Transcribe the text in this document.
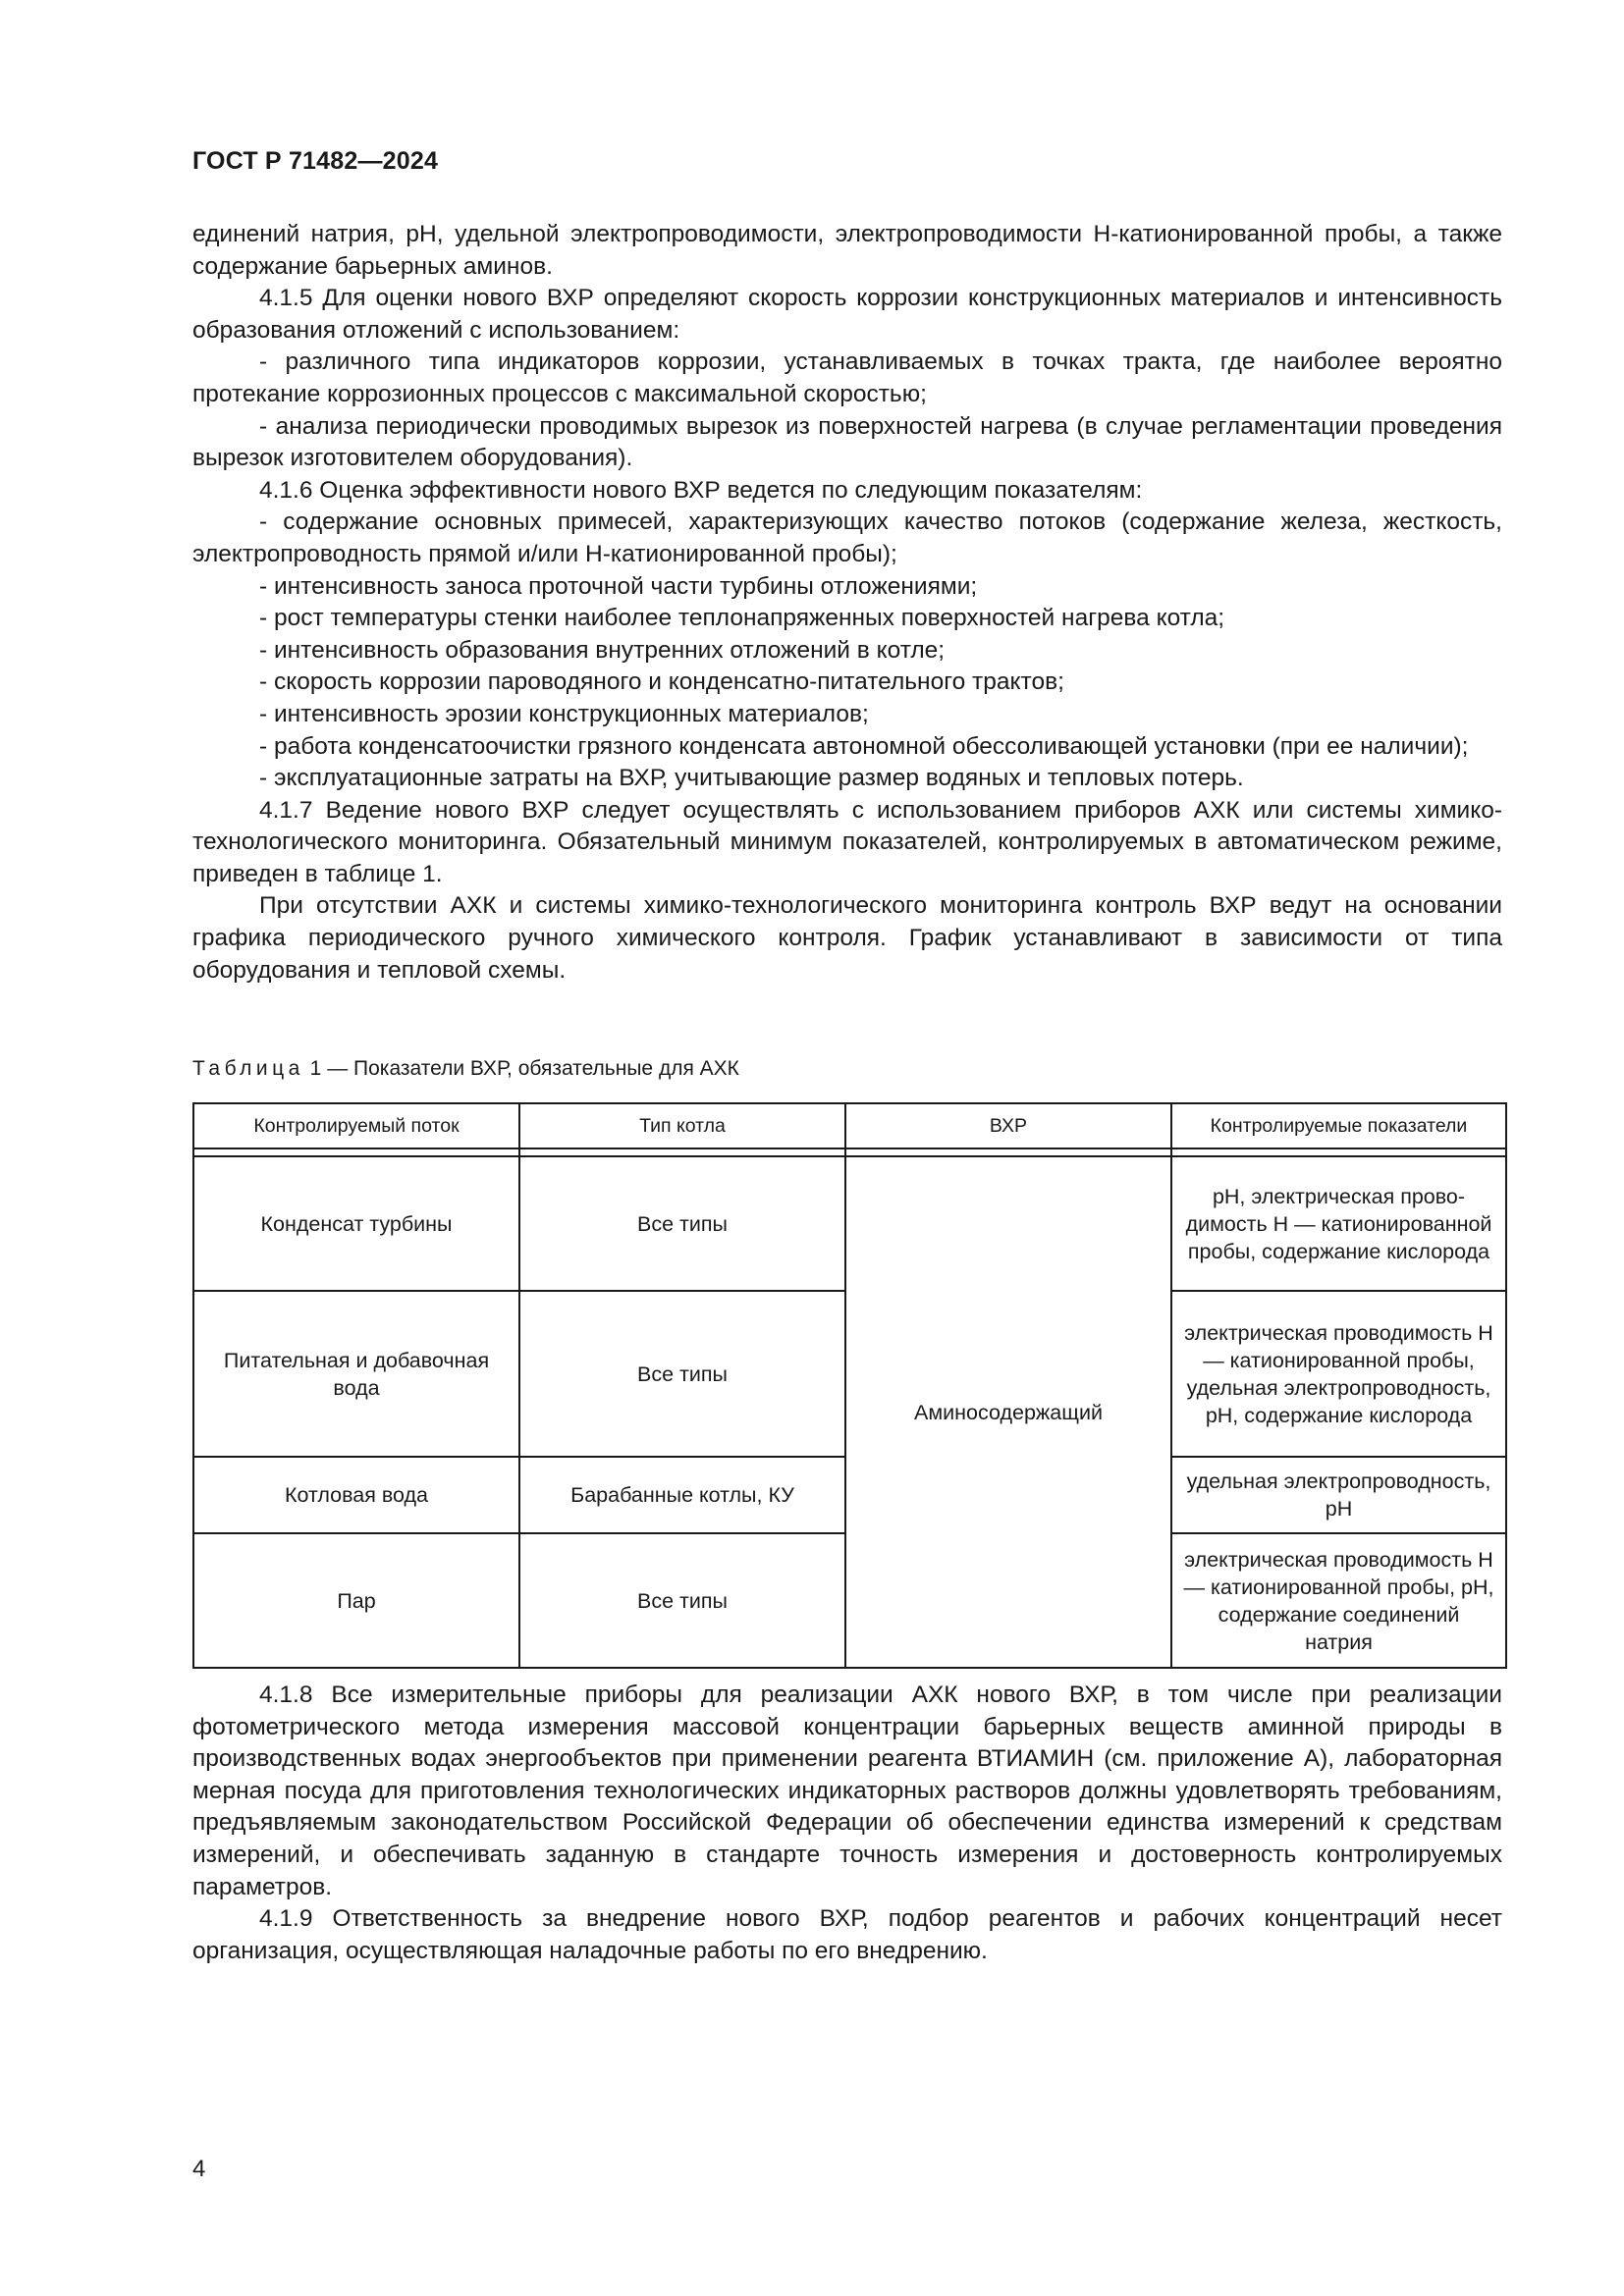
ГОСТ Р 71482—2024

единений натрия, pH, удельной электропроводимости, электропроводимости Н-катионированной пробы, а также содержание барьерных аминов.

4.1.5 Для оценки нового ВХР определяют скорость коррозии конструкционных материалов и интенсивность образования отложений с использованием:

- различного типа индикаторов коррозии, устанавливаемых в точках тракта, где наиболее вероятно протекание коррозионных процессов с максимальной скоростью;

- анализа периодически проводимых вырезок из поверхностей нагрева (в случае регламентации проведения вырезок изготовителем оборудования).

4.1.6 Оценка эффективности нового ВХР ведется по следующим показателям:

- содержание основных примесей, характеризующих качество потоков (содержание железа, жесткость, электропроводность прямой и/или Н-катионированной пробы);

- интенсивность заноса проточной части турбины отложениями;

- рост температуры стенки наиболее теплонапряженных поверхностей нагрева котла;

- интенсивность образования внутренних отложений в котле;

- скорость коррозии пароводяного и конденсатно-питательного трактов;

- интенсивность эрозии конструкционных материалов;

- работа конденсатоочистки грязного конденсата автономной обессоливающей установки (при ее наличии);

- эксплуатационные затраты на ВХР, учитывающие размер водяных и тепловых потерь.

4.1.7 Ведение нового ВХР следует осуществлять с использованием приборов АХК или системы химико-технологического мониторинга. Обязательный минимум показателей, контролируемых в автоматическом режиме, приведен в таблице 1.

При отсутствии АХК и системы химико-технологического мониторинга контроль ВХР ведут на основании графика периодического ручного химического контроля. График устанавливают в зависимости от типа оборудования и тепловой схемы.

Таблица 1 — Показатели ВХР, обязательные для АХК
Контролируемый поток	Тип котла	ВХР	Контролируемые показатели

Конденсат турбины	Все типы	Аминосодержащий	pH, электрическая проводимость Н — катионированной пробы, содержание кислорода
Питательная и добавочная вода	Все типы		электрическая проводимость Н — катионированной пробы, удельная электропроводность, pH, содержание кислорода
Котловая вода	Барабанные котлы, КУ		удельная электропроводность, pH
Пар	Все типы		электрическая проводимость Н — катионированной пробы, pH, содержание соединений натрия

4.1.8 Все измерительные приборы для реализации АХК нового ВХР, в том числе при реализации фотометрического метода измерения массовой концентрации барьерных веществ аминной природы в производственных водах энергообъектов при применении реагента ВТИАМИН (см. приложение А), лабораторная мерная посуда для приготовления технологических индикаторных растворов должны удовлетворять требованиям, предъявляемым законодательством Российской Федерации об обеспечении единства измерений к средствам измерений, и обеспечивать заданную в стандарте точность измерения и достоверность контролируемых параметров.

4.1.9 Ответственность за внедрение нового ВХР, подбор реагентов и рабочих концентраций несет организация, осуществляющая наладочные работы по его внедрению.

4
